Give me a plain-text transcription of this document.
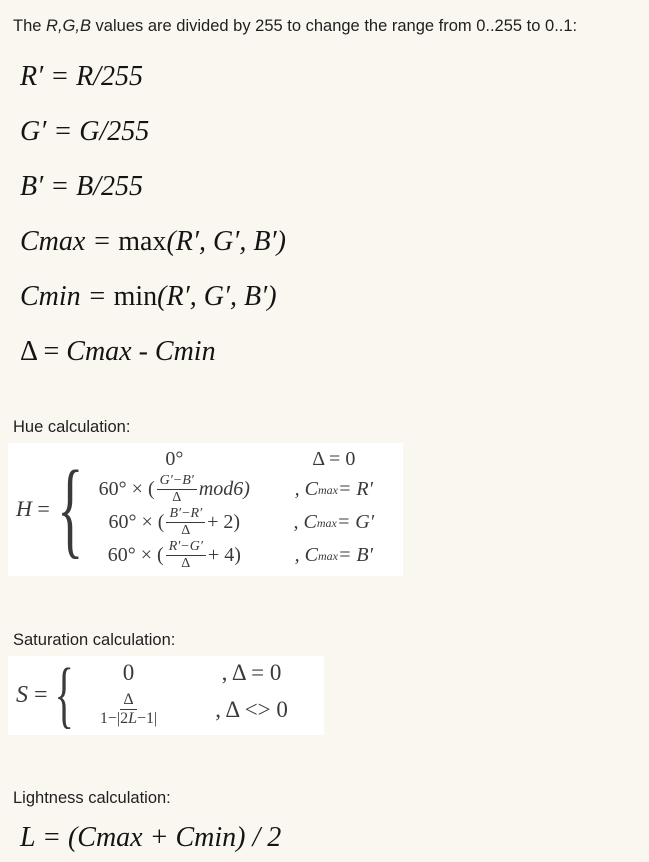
The R,G,B values are divided by 255 to change the range from 0..255 to 0..1:

R′ = R/255
G′ = G/255
B′ = B/255
Cmax = max(R′, G′, B′)
Cmin = min(R′, G′, B′)
Δ = Cmax - Cmin

Hue calculation:

H = {	0°	Δ = 0
60° × ( $\frac{G'-B'}{\Delta} mod6$) , C max = R′
60° × ( $\frac{B'-R'}{\Delta} + 2$)	, C max = G′
60° × ( $\frac{R'-G'}{\Delta} + 4$)	, C max = B′

Saturation calculation:

S = {	0	, Δ = 0
$\frac{\Delta}{1-|2L-1|}$	, Δ <> 0

Lightness calculation:

L = (Cmax + Cmin) / 2
